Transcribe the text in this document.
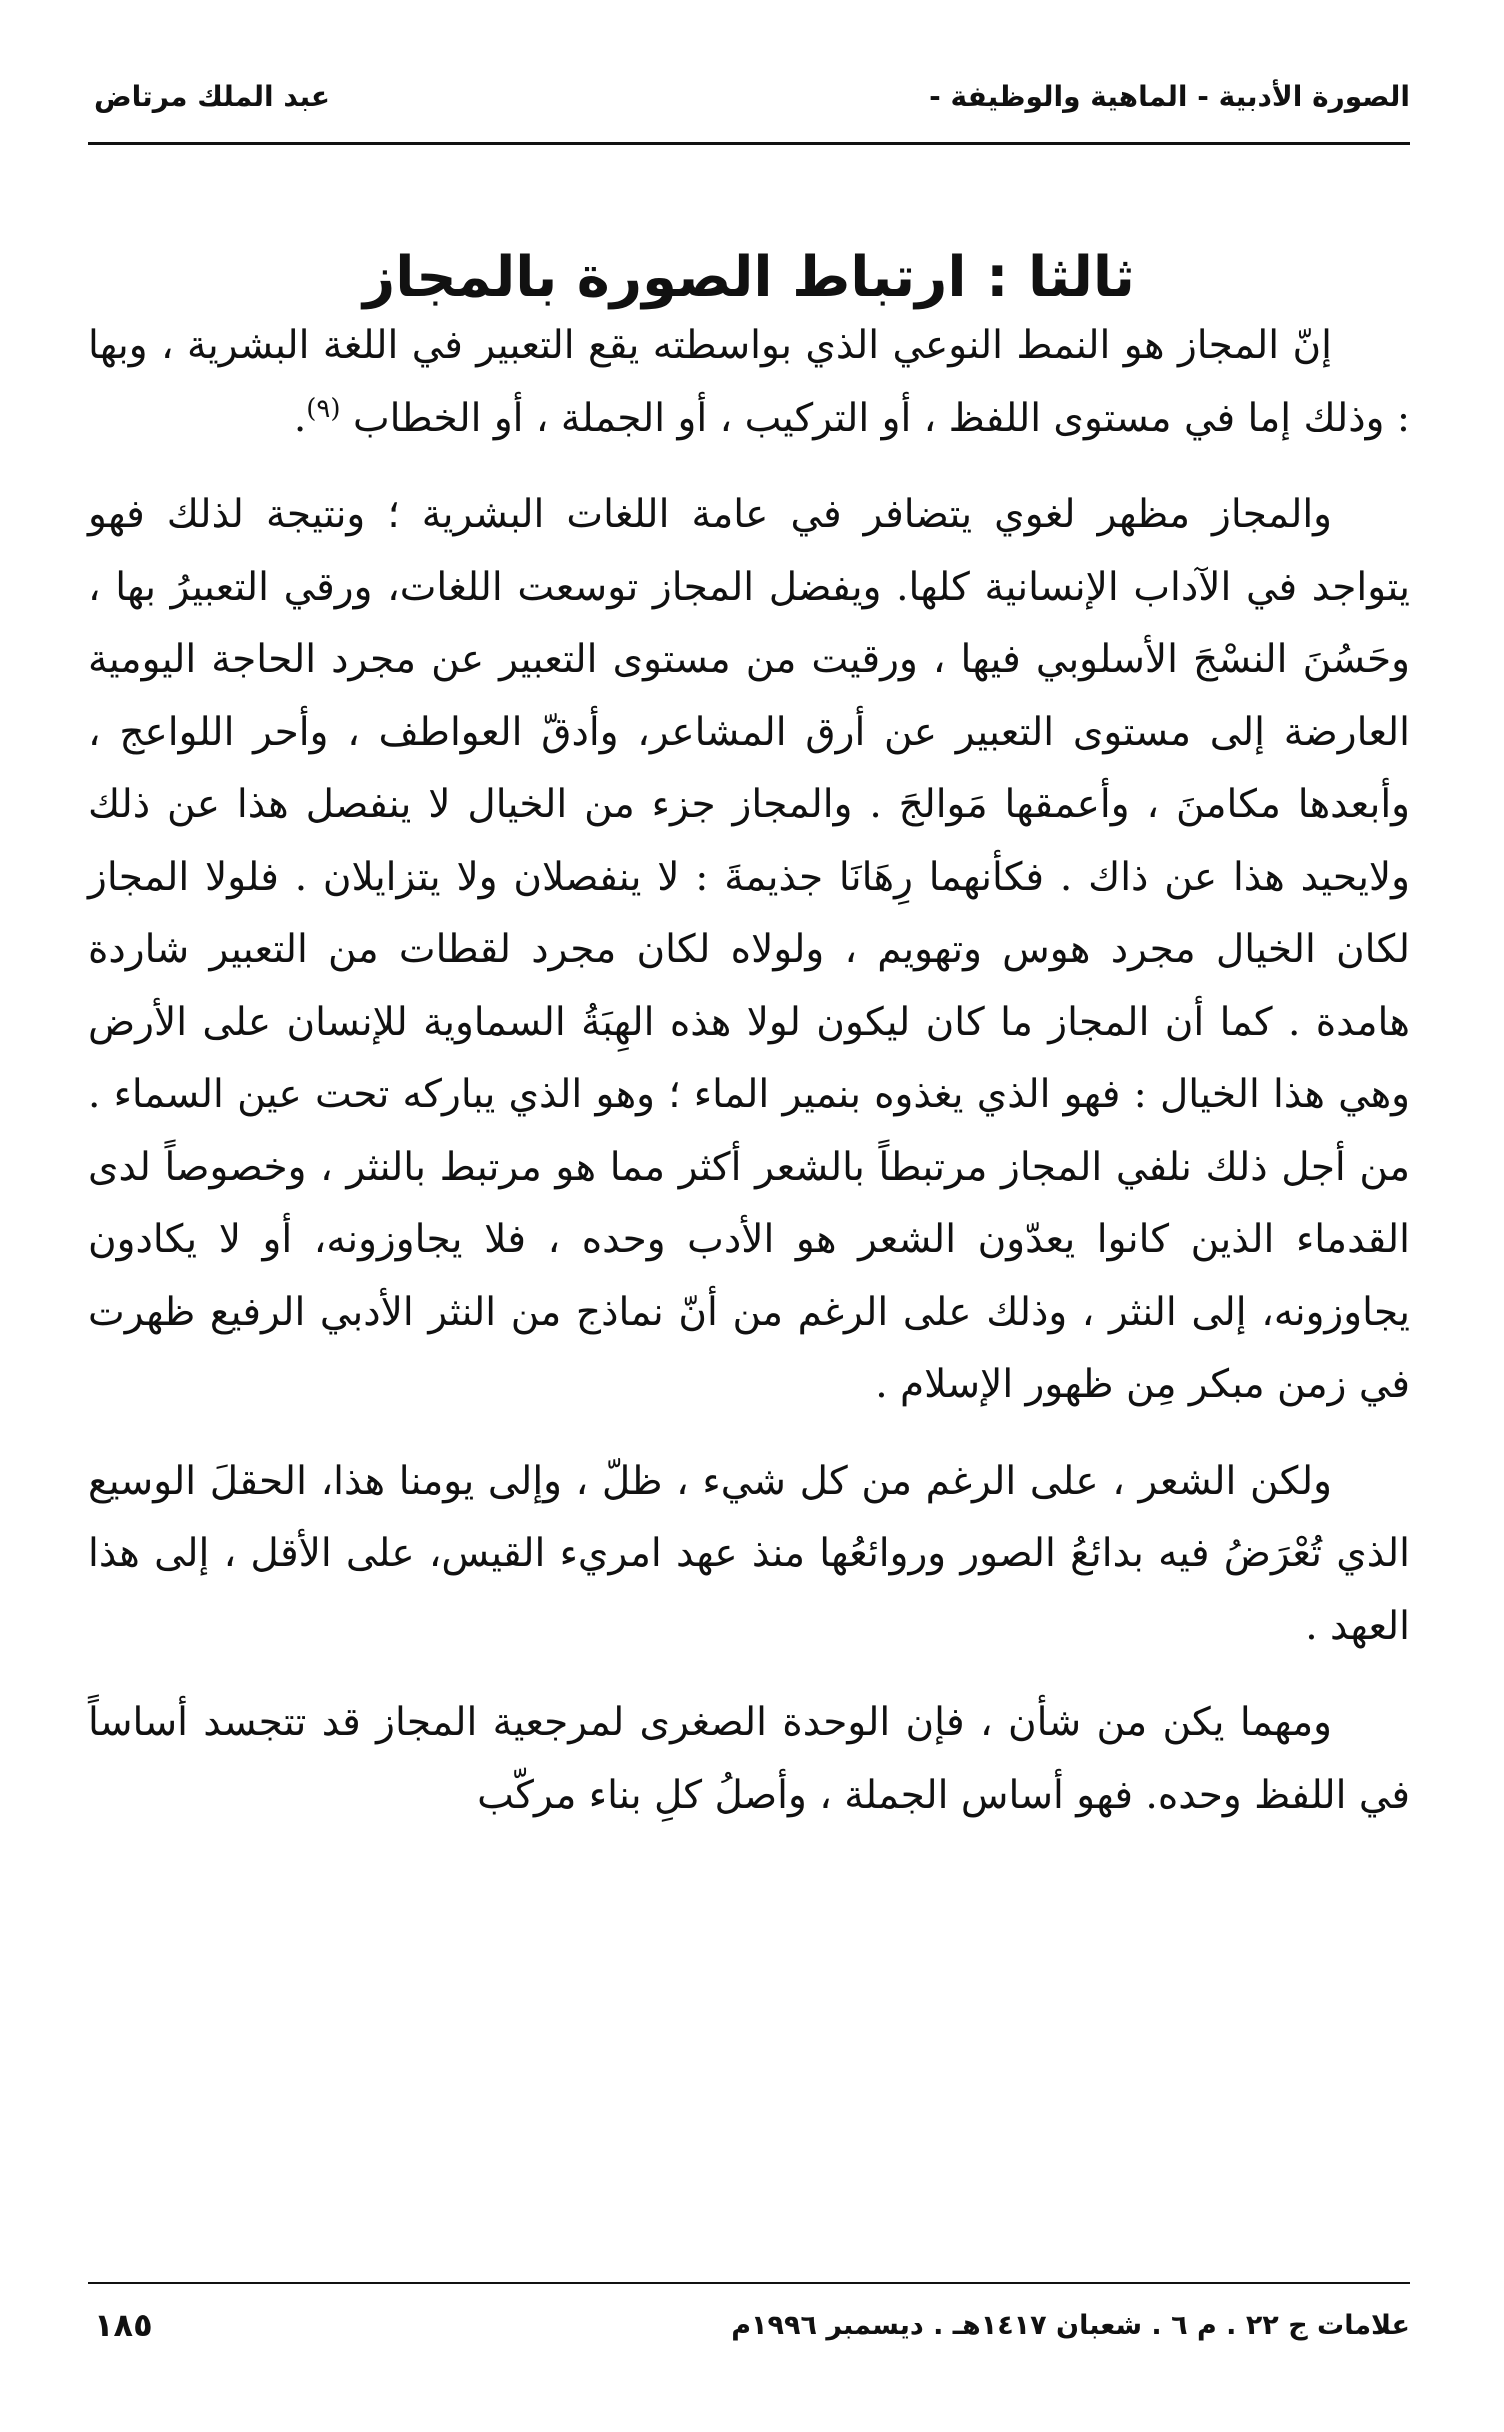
الصورة الأدبية - الماهية والوظيفة -
عبد الملك مرتاض
ثالثا : ارتباط الصورة بالمجاز

إنّ المجاز هو النمط النوعي الذي بواسطته يقع التعبير في اللغة البشرية ، وبها : وذلك إما في مستوى اللفظ ، أو التركيب ، أو الجملة ، أو الخطاب $^{(٩)}$.

والمجاز مظهر لغوي يتضافر في عامة اللغات البشرية ؛ ونتيجة لذلك فهو يتواجد في الآداب الإنسانية كلها. ويفضل المجاز توسعت اللغات، ورقي التعبيرُ بها ، وحَسُنَ النسْجَ الأسلوبي فيها ، ورقيت من مستوى التعبير عن مجرد الحاجة اليومية العارضة إلى مستوى التعبير عن أرق المشاعر، وأدقّ العواطف ، وأحر اللواعج ، وأبعدها مكامنَ ، وأعمقها مَوالجَ . والمجاز جزء من الخيال لا ينفصل هذا عن ذلك ولايحيد هذا عن ذاك . فكأنهما رِهَانَا جذيمةَ : لا ينفصلان ولا يتزايلان . فلولا المجاز لكان الخيال مجرد هوس وتهويم ، ولولاه لكان مجرد لقطات من التعبير شاردة هامدة . كما أن المجاز ما كان ليكون لولا هذه الهِبَةُ السماوية للإنسان على الأرض وهي هذا الخيال : فهو الذي يغذوه بنمير الماء ؛ وهو الذي يباركه تحت عين السماء . من أجل ذلك نلفي المجاز مرتبطاً بالشعر أكثر مما هو مرتبط بالنثر ، وخصوصاً لدى القدماء الذين كانوا يعدّون الشعر هو الأدب وحده ، فلا يجاوزونه، أو لا يكادون يجاوزونه، إلى النثر ، وذلك على الرغم من أنّ نماذج من النثر الأدبي الرفيع ظهرت في زمن مبكر مِن ظهور الإسلام .

ولكن الشعر ، على الرغم من كل شيء ، ظلّ ، وإلى يومنا هذا، الحقلَ الوسيع الذي تُعْرَضُ فيه بدائعُ الصور وروائعُها منذ عهد امريء القيس، على الأقل ، إلى هذا العهد .

ومهما يكن من شأن ، فإن الوحدة الصغرى لمرجعية المجاز قد تتجسد أساساً في اللفظ وحده. فهو أساس الجملة ، وأصلُ كلِ بناء مركّب

علامات ج ٢٢ . م ٦ . شعبان ١٤١٧هـ . ديسمبر ١٩٩٦م
١٨٥
